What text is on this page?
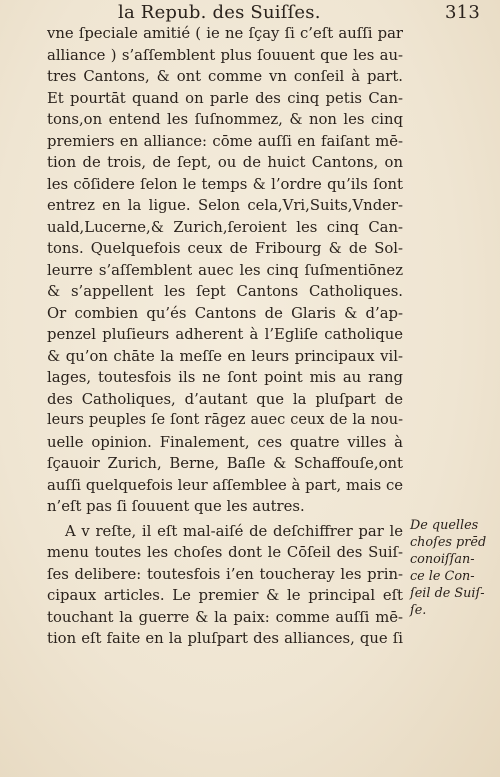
la Repub. des Suiſſes.	313
vne ſpeciale amitié ( ie ne ſçay ſi c’eſt auſſi par
alliance ) s’aſſemblent plus ſouuent que les au-
tres Cantons, & ont comme vn conſeil à part.
Et pourtāt quand on parle des cinq petis Can-
tons,on entend les ſuſnommez, & non les cinq
premiers en alliance: cōme auſſi en faiſant mē-
tion de trois, de ſept, ou de huict Cantons, on
les cōſidere ſelon le temps & l’ordre qu’ils ſont
entrez en la ligue. Selon cela,Vri,Suits,Vnder-
uald,Lucerne,& Zurich,ſeroient les cinq Can-
tons. Quelquefois ceux de Fribourg & de Sol-
leurre s’aſſemblent auec les cinq ſuſmentiōnez
& s’appellent les ſept Cantons Catholiques.
Or combien qu’és Cantons de Glaris & d’ap-
penzel pluſieurs adherent à l’Egliſe catholique
& qu’on chāte la meſſe en leurs principaux vil-
lages, toutesfois ils ne ſont point mis au rang
des Catholiques, d’autant que la pluſpart de
leurs peuples ſe ſont rāgez auec ceux de la nou-
uelle opinion. Finalement, ces quatre villes à
ſçauoir Zurich, Berne, Baſle & Schaffouſe,ont
auſſi quelquefois leur aſſemblee à part, mais ce
n’eſt pas ſi ſouuent que les autres.
A v reſte, il eſt mal-aiſé de deſchiffrer par le
menu toutes les choſes dont le Cōſeil des Suiſ-
ſes delibere: toutesfois i’en toucheray les prin-
cipaux articles. Le premier & le principal eſt
touchant la guerre & la paix: comme auſſi mē-
tion eſt faite en la pluſpart des alliances, que ſi
De quelles
choſes prēd
conoiſſan-
ce le Con-
ſeil de Suiſ-
ſe.
